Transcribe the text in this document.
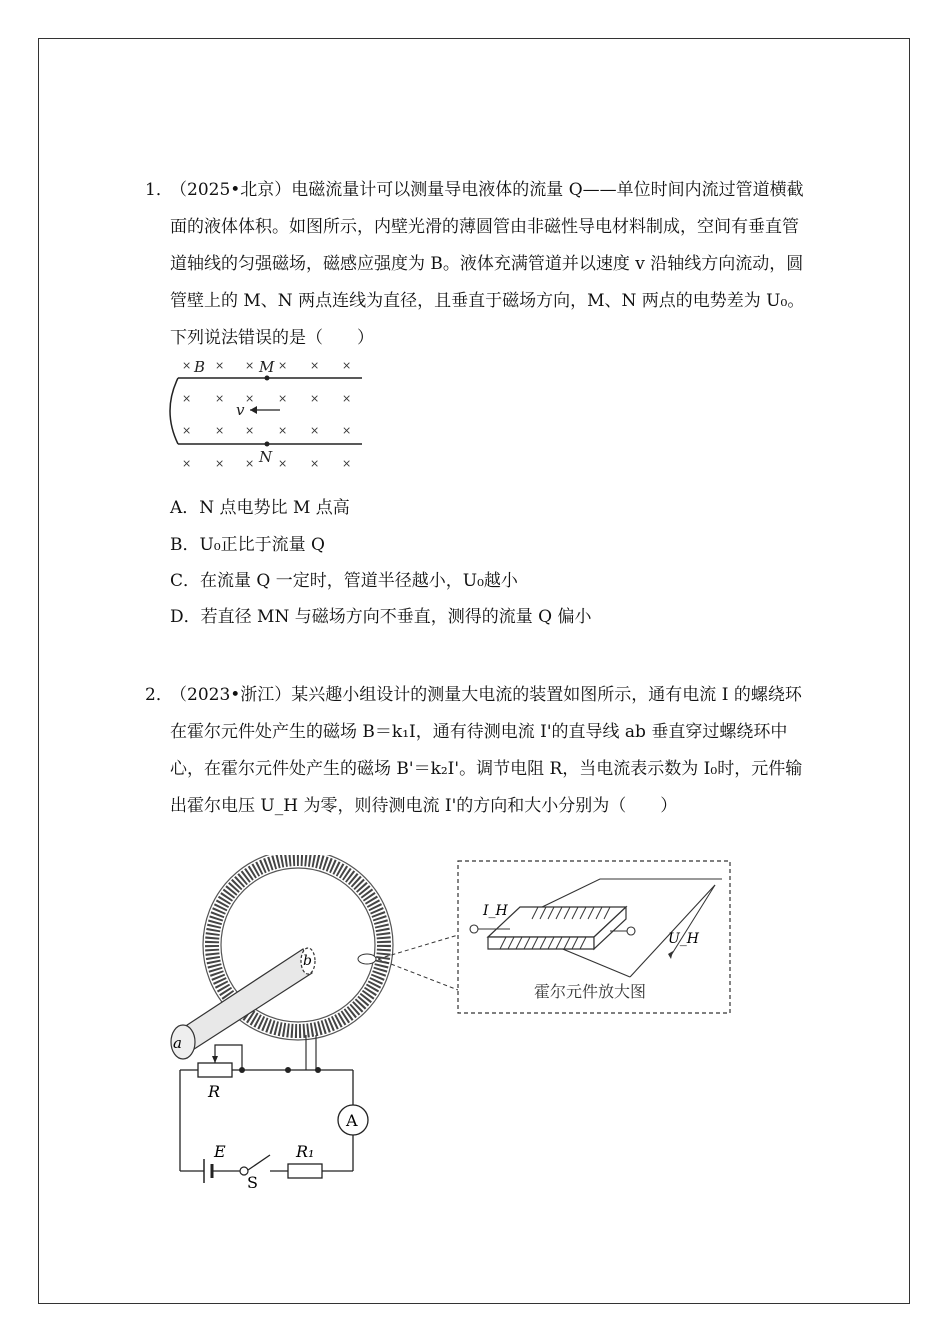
1．
（2025•北京）电磁流量计可以测量导电液体的流量 Q——单位时间内流过管道横截面的液体体积。如图所示，内壁光滑的薄圆管由非磁性导电材料制成，空间有垂直管道轴线的匀强磁场，磁感应强度为 B。液体充满管道并以速度 v 沿轴线方向流动，圆管壁上的 M、N 两点连线为直径，且垂直于磁场方向，M、N 两点的电势差为 U₀。下列说法错误的是（　　）
× × × × × ×
× × × × × ×
× × × × × ×
× × × × × ×
B	M
N
v
A．N 点电势比 M 点高
B．U₀正比于流量 Q
C．在流量 Q 一定时，管道半径越小，U₀越小
D．若直径 MN 与磁场方向不垂直，测得的流量 Q 偏小
2．
（2023•浙江）某兴趣小组设计的测量大电流的装置如图所示，通有电流 I 的螺绕环在霍尔元件处产生的磁场 B＝k₁I，通有待测电流 I'的直导线 ab 垂直穿过螺绕环中心，在霍尔元件处产生的磁场 B'＝k₂I'。调节电阻 R，当电流表示数为 I₀时，元件输出霍尔电压 U_H 为零，则待测电流 I'的方向和大小分别为（　　）
a
b
R
A
E
S
R₁
I_H
U_H
霍尔元件放大图
